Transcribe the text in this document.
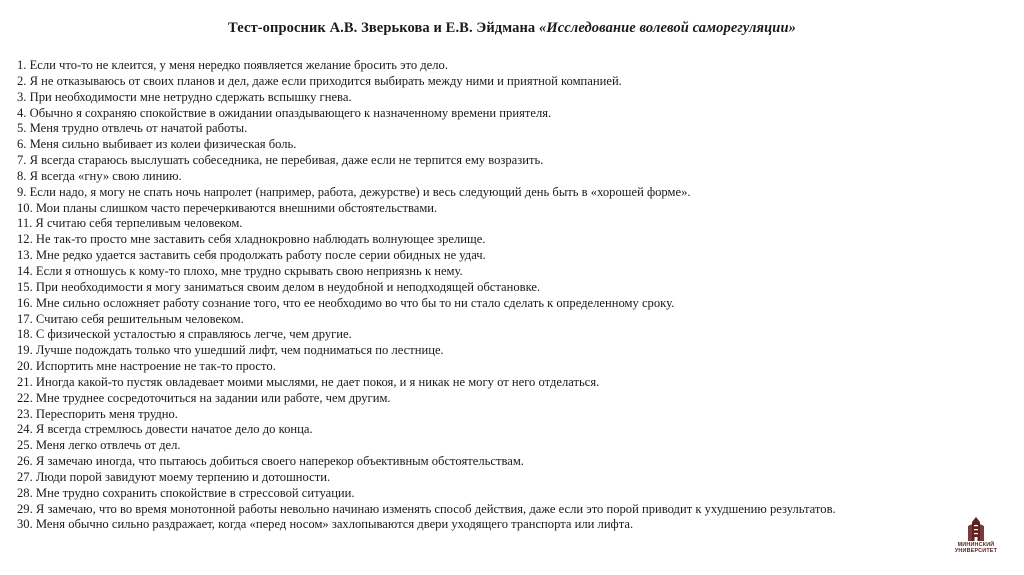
Тест-опросник А.В. Зверькова и Е.В. Эйдмана «Исследование волевой саморегуляции»
1. Если что-то не клеится, у меня нередко появляется желание бросить это дело.
2. Я не отказываюсь от своих планов и дел, даже если приходится выбирать между ними и приятной компанией.
3. При необходимости мне нетрудно сдержать вспышку гнева.
4. Обычно я сохраняю спокойствие в ожидании опаздывающего к назначенному времени приятеля.
5. Меня трудно отвлечь от начатой работы.
6. Меня сильно выбивает из колеи физическая боль.
7. Я всегда стараюсь выслушать собеседника, не перебивая, даже если не терпится ему возразить.
8. Я всегда «гну» свою линию.
9. Если надо, я могу не спать ночь напролет (например, работа, дежурстве) и весь следующий день быть в «хорошей форме».
10. Мои планы слишком часто перечеркиваются внешними обстоятельствами.
11. Я считаю себя терпеливым человеком.
12. Не так-то просто мне заставить себя хладнокровно наблюдать волнующее зрелище.
13. Мне редко удается заставить себя продолжать работу после серии обидных не удач.
14. Если я отношусь к кому-то плохо, мне трудно скрывать свою неприязнь к нему.
15. При необходимости я могу заниматься своим делом в неудобной и неподходящей обстановке.
16. Мне сильно осложняет работу сознание того, что ее необходимо во что бы то ни стало сделать к определенному сроку.
17. Считаю себя решительным человеком.
18. С физической усталостью я справляюсь легче, чем другие.
19. Лучше подождать только что ушедший лифт, чем подниматься по лестнице.
20. Испортить мне настроение не так-то просто.
21. Иногда какой-то пустяк овладевает моими мыслями, не дает покоя, и я никак не могу от него отделаться.
22. Мне труднее сосредоточиться на задании или работе, чем другим.
23. Переспорить меня трудно.
24. Я всегда стремлюсь довести начатое дело до конца.
25. Меня легко отвлечь от дел.
26. Я замечаю иногда, что пытаюсь добиться своего наперекор объективным обстоятельствам.
27. Люди порой завидуют моему терпению и дотошности.
28. Мне трудно сохранить спокойствие в стрессовой ситуации.
29. Я замечаю, что во время монотонной работы невольно начинаю изменять способ действия, даже если это порой приводит к ухудшению результатов.
30. Меня обычно сильно раздражает, когда «перед носом» захлопываются двери уходящего транспорта или лифта.
МИНИНСКИЙ
УНИВЕРСИТЕТ
